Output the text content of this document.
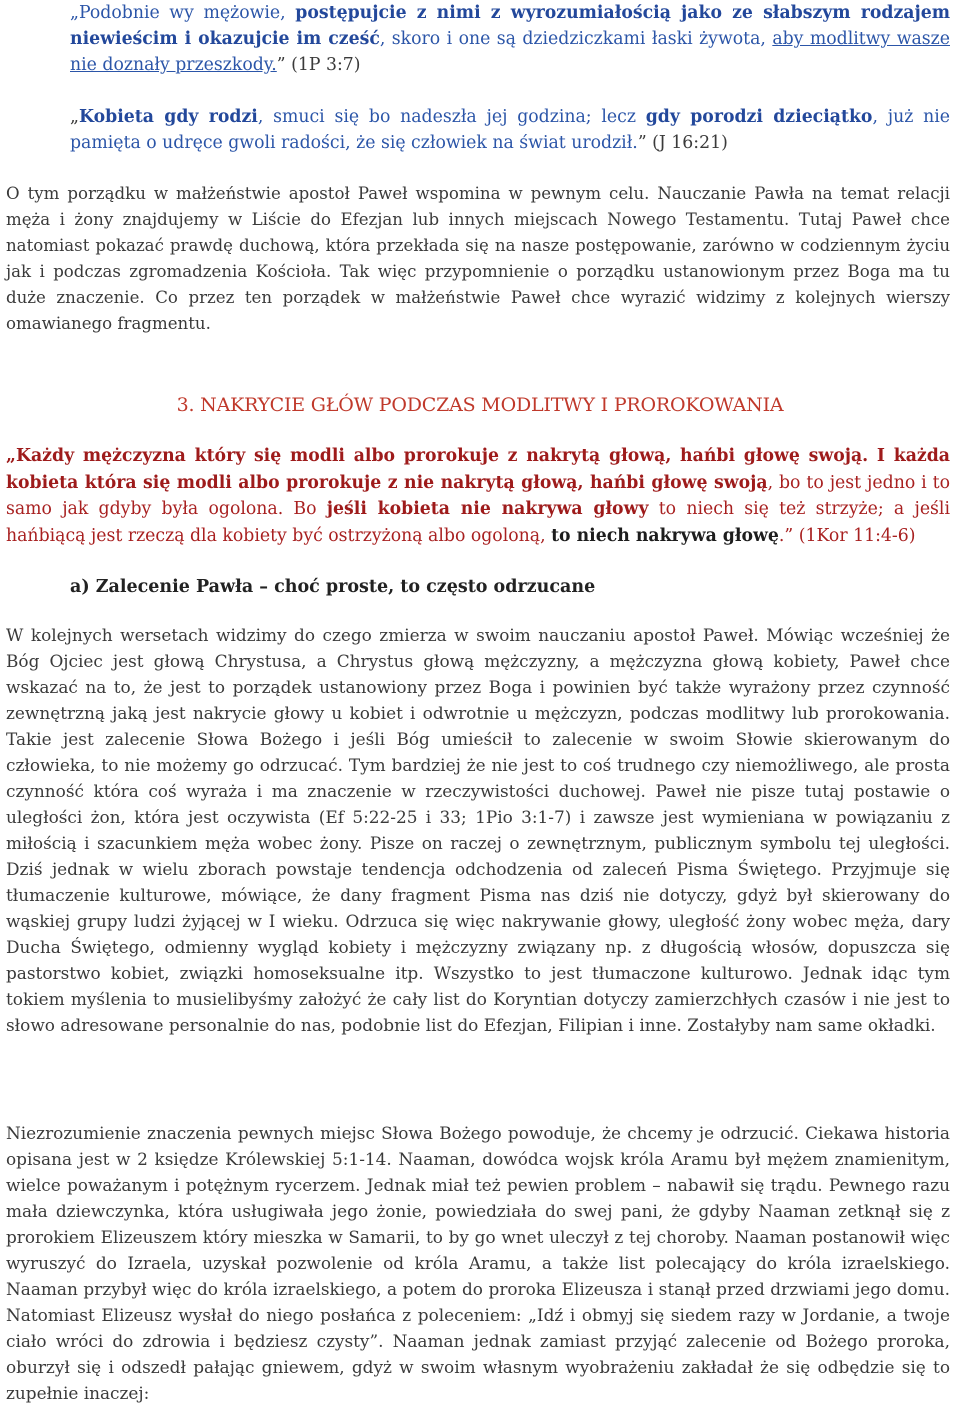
„Podobnie wy mężowie, postępujcie z nimi z wyrozumiałością jako ze słabszym rodzajem niewieścim i okazujcie im cześć, skoro i one są dziedziczkami łaski żywota, aby modlitwy wasze nie doznały przeszkody.” (1P 3:7)

„Kobieta gdy rodzi, smuci się bo nadeszła jej godzina; lecz gdy porodzi dzieciątko, już nie pamięta o udręce gwoli radości, że się człowiek na świat urodził.” (J 16:21)

O tym porządku w małżeństwie apostoł Paweł wspomina w pewnym celu. Nauczanie Pawła na temat relacji męża i żony znajdujemy w Liście do Efezjan lub innych miejscach Nowego Testamentu. Tutaj Paweł chce natomiast pokazać prawdę duchową, która przekłada się na nasze postępowanie, zarówno w codziennym życiu jak i podczas zgromadzenia Kościoła. Tak więc przypomnienie o porządku ustanowionym przez Boga ma tu duże znaczenie. Co przez ten porządek w małżeństwie Paweł chce wyrazić widzimy z kolejnych wierszy omawianego fragmentu.

3. NAKRYCIE GŁÓW PODCZAS MODLITWY I PROROKOWANIA

„Każdy mężczyzna który się modli albo prorokuje z nakrytą głową, hańbi głowę swoją. I każda kobieta która się modli albo prorokuje z nie nakrytą głową, hańbi głowę swoją, bo to jest jedno i to samo jak gdyby była ogolona. Bo jeśli kobieta nie nakrywa głowy to niech się też strzyże; a jeśli hańbiącą jest rzeczą dla kobiety być ostrzyżoną albo ogoloną, to niech nakrywa głowę.” (1Kor 11:4-6)

a) Zalecenie Pawła – choć proste, to często odrzucane

W kolejnych wersetach widzimy do czego zmierza w swoim nauczaniu apostoł Paweł. Mówiąc wcześniej że Bóg Ojciec jest głową Chrystusa, a Chrystus głową mężczyzny, a mężczyzna głową kobiety, Paweł chce wskazać na to, że jest to porządek ustanowiony przez Boga i powinien być także wyrażony przez czynność zewnętrzną jaką jest nakrycie głowy u kobiet i odwrotnie u mężczyzn, podczas modlitwy lub prorokowania. Takie jest zalecenie Słowa Bożego i jeśli Bóg umieścił to zalecenie w swoim Słowie skierowanym do człowieka, to nie możemy go odrzucać. Tym bardziej że nie jest to coś trudnego czy niemożliwego, ale prosta czynność która coś wyraża i ma znaczenie w rzeczywistości duchowej. Paweł nie pisze tutaj postawie o uległości żon, która jest oczywista (Ef 5:22-25 i 33; 1Pio 3:1-7) i zawsze jest wymieniana w powiązaniu z miłością i szacunkiem męża wobec żony. Pisze on raczej o zewnętrznym, publicznym symbolu tej uległości. Dziś jednak w wielu zborach powstaje tendencja odchodzenia od zaleceń Pisma Świętego. Przyjmuje się tłumaczenie kulturowe, mówiące, że dany fragment Pisma nas dziś nie dotyczy, gdyż był skierowany do wąskiej grupy ludzi żyjącej w I wieku. Odrzuca się więc nakrywanie głowy, uległość żony wobec męża, dary Ducha Świętego, odmienny wygląd kobiety i mężczyzny związany np. z długością włosów, dopuszcza się pastorstwo kobiet, związki homoseksualne itp. Wszystko to jest tłumaczone kulturowo. Jednak idąc tym tokiem myślenia to musielibyśmy założyć że cały list do Koryntian dotyczy zamierzchłych czasów i nie jest to słowo adresowane personalnie do nas, podobnie list do Efezjan, Filipian i inne. Zostałyby nam same okładki.

Niezrozumienie znaczenia pewnych miejsc Słowa Bożego powoduje, że chcemy je odrzucić. Ciekawa historia opisana jest w 2 księdze Królewskiej 5:1-14. Naaman, dowódca wojsk króla Aramu był mężem znamienitym, wielce poważanym i potężnym rycerzem. Jednak miał też pewien problem – nabawił się trądu. Pewnego razu mała dziewczynka, która usługiwała jego żonie, powiedziała do swej pani, że gdyby Naaman zetknął się z prorokiem Elizeuszem który mieszka w Samarii, to by go wnet uleczył z tej choroby. Naaman postanowił więc wyruszyć do Izraela, uzyskał pozwolenie od króla Aramu, a także list polecający do króla izraelskiego. Naaman przybył więc do króla izraelskiego, a potem do proroka Elizeusza i stanął przed drzwiami jego domu. Natomiast Elizeusz wysłał do niego posłańca z poleceniem: „Idź i obmyj się siedem razy w Jordanie, a twoje ciało wróci do zdrowia i będziesz czysty”. Naaman jednak zamiast przyjąć zalecenie od Bożego proroka, oburzył się i odszedł pałając gniewem, gdyż w swoim własnym wyobrażeniu zakładał że się odbędzie się to zupełnie inaczej:
